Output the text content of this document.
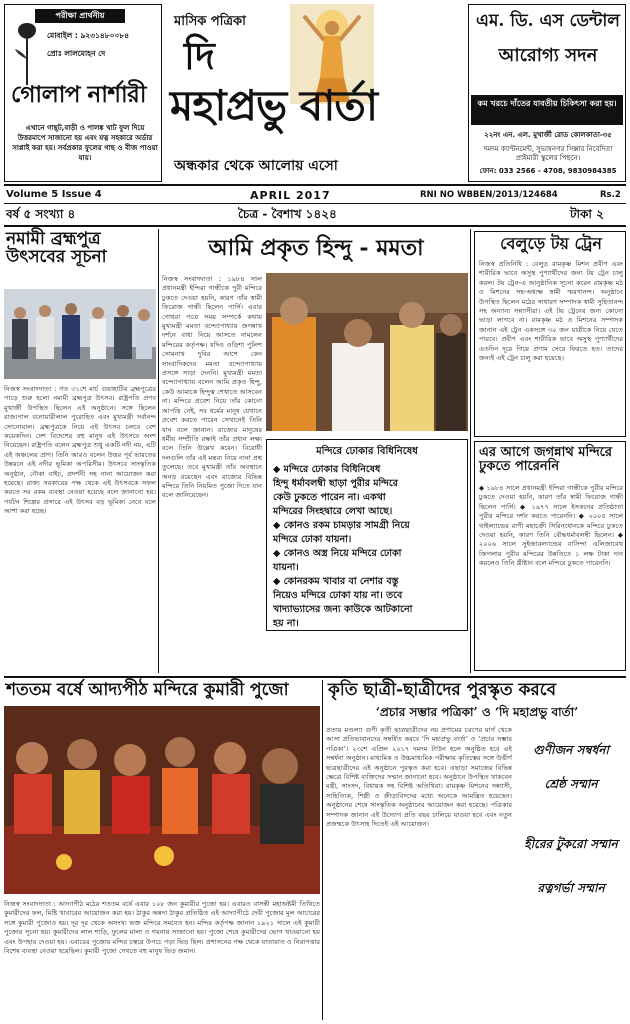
পরীক্ষা প্রার্থনীয়
মোবাইল : ৯২৩১৪৮০০৮৪
প্রোঃ লালমোহন দে
গোলাপ নার্শারী
এখানে গাছ্‌ট,বাড়ী ও পালঙ্ক খাট ফুল দিয়ে উত্তরমাপে সাজানো হয় এবং যত্ন সহকারে অর্ডার সাপ্লাই করা হয়। সর্বপ্রকার ফুলের গাছ ও বীজ পাওয়া যায়।
মাসিক পত্রিকা
দি
মহাপ্রভু বার্তা
অন্ধকার থেকে আলোয় এসো
এম. ডি. এস ডেন্টাল
আরোগ্য সদন
কম খরচে দাঁতের যাবতীয় চিকিৎসা করা হয়।
২২নং এন. এল. মুখার্জী রোড কোলকাতা-৩৫
দমদম ক্যান্টনমেন্ট, সুভাষনগর সিক্সার নিবেদিতা প্রাইমারী স্কুলের পিছনে।
ফোন: 033 2566 - 4708, 9830984385
Volume 5 Issue 4	APRIL 2017	RNI NO WBBEN/2013/124684	Rs.2
বর্ষ ৫ সংখ্যা ৪	চৈত্র - বৈশাখ ১৪২৪	টাকা ২
নমামী ব্রহ্মপুত্র উৎসবের সূচনা
নিজস্ব সংবাদদাতা : গত ৩১শে মার্চ গুয়াহাটির ব্রহ্মপুত্রের পাড়ে শুরু হলো নমামী ব্রহ্মপুত্র উৎসব। রাষ্ট্রপতি প্রণব মুখার্জী উপস্থিত ছিলেন এই অনুষ্ঠানে। সঙ্গে ছিলেন রাজ্যপাল বনোয়ারীলাল পুরোহিত এবং মুখ্যমন্ত্রী সর্বানন্দ সোনোয়াল। ব্রহ্মপুত্রকে নিয়ে এই উৎসব চলবে বেশ কয়েকদিন। দেশ বিদেশের বহু মানুষ এই উৎসবে অংশ নিয়েছেন। রাষ্ট্রপতি বলেন ব্রহ্মপুত্র শুধু একটি নদী নয়, এটি এই অঞ্চলের প্রাণ। তিনি আরও বলেন উত্তর পূর্ব ভারতের উন্নয়নে এই নদীর ভূমিকা অপরিসীম। উৎসবে সাংস্কৃতিক অনুষ্ঠান, নৌকা বাইচ, প্রদর্শনী সহ নানা আয়োজন করা হয়েছে। রাজ্য সরকারের পক্ষ থেকে এই উৎসবকে সফল করতে সব রকম ব্যবস্থা নেওয়া হয়েছে বলে জানানো হয়। পর্যটন শিল্পের প্রসারে এই উৎসব বড় ভূমিকা নেবে বলে আশা করা হচ্ছে।
আমি প্রকৃত হিন্দু - মমতা
নিজস্ব সংবাদদাতা : ১৯৮৪ সাল প্রধানমন্ত্রী ইন্দিরা গান্ধীকে পুরী মন্দিরে ঢুকতে দেওয়া হয়নি, কারণ তাঁর স্বামী ফিরোজ গান্ধী ছিলেন পার্সি। এবার গোধরা পত্রে সময় সম্পর্কে কথায় মুখ্যমন্ত্রী মমতা বন্দ্যোপাধ্যায় জগন্নাথ দর্শনে বাধা নিয়ে আসতে নামলেন মন্দিরের কর্তৃপক্ষ। যদিও ওড়িশা পুলিশ সোমনাথ দুবির আশে কেন সাংবাদিকদের মমতা বন্দ্যোপাধ্যায় প্রসঙ্গে সাড়া দেননি। মুখ্যমন্ত্রী মমতা বন্দ্যোপাধ্যায় বলেন আমি প্রকৃত হিন্দু, কেউ আমাকে হিন্দুত্ব শেখাতে আসবেন না। মন্দিরে প্রবেশ নিয়ে তাঁর কোনো আপত্তি নেই, সব ধর্মের মানুষ যেখানে প্রবেশ করতে পারেন সেখানেই তিনি যান বলে জানান। রাজ্যের মানুষের ধর্মীয় সম্প্রীতি রক্ষাই তাঁর প্রধান লক্ষ্য বলে তিনি উল্লেখ করেন। বিরোধী দলগুলি তাঁর এই মন্তব্য নিয়ে নানা প্রশ্ন তুলেছে। তবে মুখ্যমন্ত্রী তাঁর অবস্থানে অনড় রয়েছেন এবং রাজ্যের বিভিন্ন মন্দিরে তিনি নিয়মিত পুজো দিতে যান বলে জানিয়েছেন।
মন্দিরে ঢোকার বিধিনিষেধ
◆ মন্দিরে ঢোকার বিধিনিষেধ
হিন্দু ধর্মাবলম্বী ছাড়া পুরীর মন্দিরে
কেউ ঢুকতে পারেন না। একথা
মন্দিরের সিংহদ্বারে লেখা আছে।
◆ কোনও রকম চামড়ার সামগ্রী নিয়ে
মন্দিরে ঢোকা যায়না।
◆ কোনও অস্ত্র নিয়ে মন্দিরে ঢোকা
যায়না।
◆ কোনরকম খাবার বা নেশার বস্তু
নিয়েও মন্দিরে ঢোকা যায় না। তবে
খাদ্যাভ্যাসের জন্য কাউকে আটকানো
হয় না।
বেলুড়ে টয় ট্রেন
নিজস্ব প্রতিনিধি : বেলুড় রামকৃষ্ণ মিশন প্রবীণ এবং শারীরিক ভাবে অসুস্থ পুণ্যার্থীদের জন্য টয় ট্রেন চালু করল। টয় ট্রেন-এ আনুষ্ঠানিক সূচনা করেন রামকৃষ্ণ মঠ ও মিশনের সহ-অধ্যক্ষ স্বামী স্মরণানন্দ। অনুষ্ঠানে উপস্থিত ছিলেন মঠের সাধারণ সম্পাদক স্বামী সুহিতানন্দ সহ অন্যান্য সন্ন্যাসীরা। এই টয় ট্রেনের জন্য কোনো ভাড়া লাগবে না। রামকৃষ্ণ মঠ ও মিশনের সম্পাদক জানান এই ট্রেন একসঙ্গে ৩০ জন যাত্রীকে নিয়ে যেতে পারবে। প্রবীণ এবং শারীরিক ভাবে অসুস্থ পুণ্যার্থীদের এতদিন দূরে গিয়ে প্রণাম সেরে ফিরতে হত। তাদের জন্যই এই ট্রেন চালু করা হয়েছে।
এর আগে জগন্নাথ মন্দিরে ঢুকতে পারেননি
◆ ১৯৮৪ সালে প্রধানমন্ত্রী ইন্দিরা গান্ধীকে পুরীর মন্দিরে ঢুকতে দেওয়া হয়নি, কারণ তাঁর স্বামী ফিরোজ গান্ধী ছিলেন পার্সি। ◆ ১৯৭৭ সালে ইসকনের প্রতিষ্ঠাতা পুরীর মন্দিরে দর্শন করতে পারেননি। ◆ ২০০৫ সালে থাইল্যান্ডের রাণী মহাচক্রী সিরিনধোনকে মন্দিরে ঢুকতে দেওয়া হয়নি, কারণ তিনি বৌদ্ধধর্মাবলম্বী ছিলেন। ◆ ২০০৬ সালে সুইজারল্যান্ডের বাসিন্দা এলিজাবেথ জিগলার পুরীর মন্দিরের উন্নতিতে ১ লক্ষ টাকা দান করলেও তিনি খ্রীষ্টান বলে মন্দিরে ঢুকতে পারেননি।
শততম বর্ষে আদ্যপীঠ মন্দিরে কুমারী পুজো
নিজস্ব সংবাদদাতা : আদ্যাপীঠ মঠের শততম বর্ষে এবার ১০৮ জন কুমারীর পুজো হয়। এবারও বাসন্তী মহাঅষ্টমী তিথিতে কুমারীদের ফল, মিষ্টি খাবারের আয়োজন করা হয়। ঠাকুর অন্নদা ঠাকুর প্রতিষ্ঠিত এই আদ্যাপীঠে দেবী পুজোর মূল আচারের সঙ্গে কুমারী পুজোও হয়। দূর দূর থেকে অসংখ্য ভক্ত মন্দিরে সমবেত হন। মন্দির কর্তৃপক্ষ জানান ১৯২১ সালে এই কুমারী পুজোর সূচনা হয়। কুমারীদের লাল শাড়ি, ফুলের মালা ও গয়নায় সাজানো হয়। পুজো শেষে কুমারীদের ভোগ খাওয়ানো হয় এবং উপহার দেওয়া হয়। এবারের পুজোয় মন্দির চত্বরে উপচে পড়া ভিড় ছিল। প্রশাসনের পক্ষ থেকে যাতায়াত ও নিরাপত্তার বিশেষ ব্যবস্থা নেওয়া হয়েছিল। কুমারী পুজো দেখতে বহু মানুষ ভিড় জমান।
কৃতি ছাত্রী-ছাত্রীদের পুরস্কৃত করবে
‘প্রচার সম্ভার পত্রিকা’ ও ‘দি মহাপ্রভু বার্তা’
প্রত্যয় মণ্ডল্যা গুণী কৃতী ছাত্রছাত্রীদের নয় প্রণামের চরণের মার্গ থেকে আসা প্রতিভাবানদের সম্বর্ধিত করবে ‘দি মহাপ্রভু বার্তা’ ও ‘প্রচার সম্ভার পত্রিকা’। ২৩শে এপ্রিল ২০১৭ দমদম টাউন হলে অনুষ্ঠিত হবে এই সম্বর্ধনা অনুষ্ঠান। মাধ্যমিক ও উচ্চমাধ্যমিক পরীক্ষায় কৃতিত্বের সঙ্গে উত্তীর্ণ ছাত্রছাত্রীদের এই অনুষ্ঠানে পুরস্কৃত করা হবে। এছাড়া সমাজের বিভিন্ন ক্ষেত্রে বিশিষ্ট ব্যক্তিদের সম্মান জানানো হবে। অনুষ্ঠানে উপস্থিত থাকবেন মন্ত্রী, সাংসদ, বিধায়ক সহ বিশিষ্ট অতিথিরা। রামকৃষ্ণ মিশনের সন্ন্যাসী, সাহিত্যিক, শিল্পী ও ক্রীড়াবিদদের মধ্যে অনেকে আমন্ত্রিত হয়েছেন। অনুষ্ঠানের শেষে সাংস্কৃতিক অনুষ্ঠানের আয়োজন করা হয়েছে। পত্রিকার সম্পাদক জানান এই উদ্যোগ প্রতি বছর চালিয়ে যাওয়া হবে এবং নতুন প্রজন্মকে উৎসাহ দিতেই এই আয়োজন।
গুণীজন সম্বর্ধনা
শ্রেষ্ঠ সম্মান
হীরের টুকরো সম্মান
রত্নগর্ভা সম্মান
